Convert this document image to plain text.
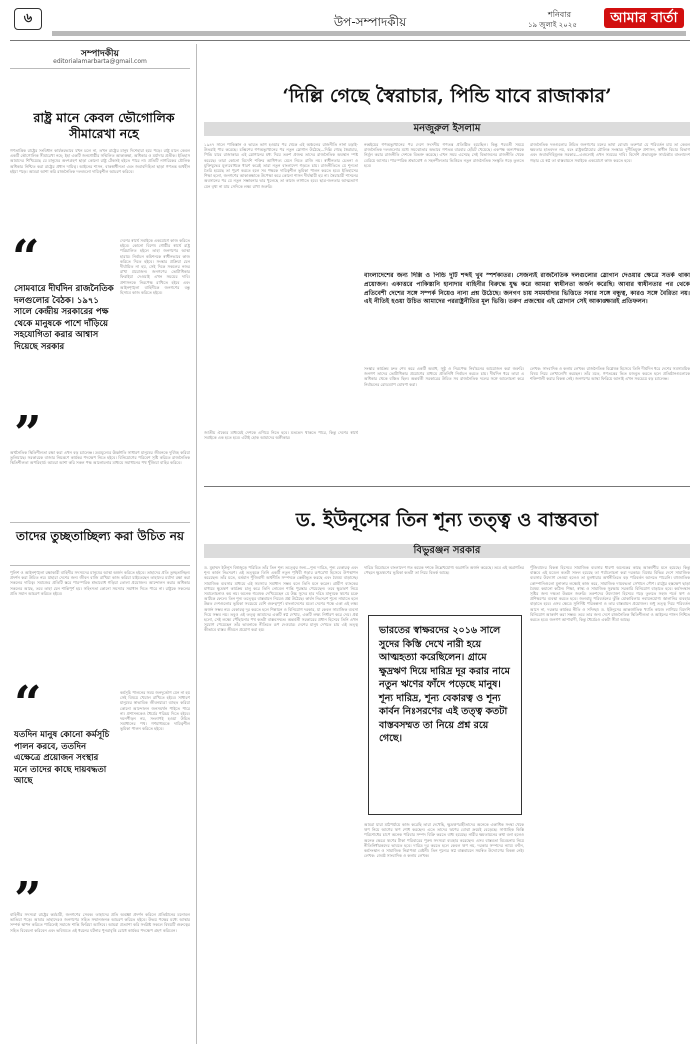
৬	উপ-সম্পাদকীয়
শনিবার
১৯ জুলাই ২০২৫	আমার বার্তা
সম্পাদকীয়
editorialamarbarta@gmail.com
রাষ্ট্র মানে কেবল ভৌগোলিক সীমারেখা নহে
গণতান্ত্রিক রাষ্ট্রের সংবিধান কার্যকরভাবে যখন চলে না, তখন রাষ্ট্রের মানুষ দিশেহারা হয়ে পড়ে। রাষ্ট্র মানে কেবল একটি ভৌগোলিক সীমারেখা নহে; ইহা একটি জনগোষ্ঠীর সম্মিলিত আকাঙ্ক্ষা, অধিকার ও মর্যাদার প্রতীক। ইতিহাস আমাদের শিখিয়েছে যে মানুষের অংশগ্রহণ ছাড়া কোনো রাষ্ট্র টেকসই হইতে পারে না। প্রতিটি নাগরিকের মৌলিক অধিকার নিশ্চিত করা রাষ্ট্রের প্রধান দায়িত্ব। আইনের শাসন, বাকস্বাধীনতা এবং জবাবদিহিতা ছাড়া গণতন্ত্র অর্থহীন হইয়া পড়ে। আমরা আশা করি রাজনৈতিক দলগুলো দায়িত্বশীল আচরণ করিবে।
“
সোমবারে দীর্ঘদিন রাজনৈতিক দলগুলোর বৈঠক। ১৯৭১ সালে কেন্দ্রীয় সরকারের পক্ষ থেকে মানুষকে পাশে দাঁড়িয়ে সহযোগিতা করার আশ্বাস দিয়েছে সরকার
”
দেশের স্বার্থে সবাইকে একযোগে কাজ করিতে হইবে। কোনো বিশেষ গোষ্ঠীর স্বার্থে রাষ্ট্র পরিচালিত হইলে তাহা জনগণের আস্থা হারায়। নির্বাচন কমিশনকে স্বাধীনভাবে কাজ করিতে দিতে হইবে। সংস্কার প্রক্রিয়া যেন দীর্ঘায়িত না হয়, সেই দিকে সকলের নজর রাখা প্রয়োজন। জনগণের ভোটাধিকার ফিরাইয়া দেওয়াই এখন সময়ের দাবি। প্রশাসনকে নিরপেক্ষ রাখিতে হইবে এবং আইনশৃঙ্খলা বাহিনীকে জনগণের বন্ধু হিসাবে কাজ করিতে হইবে।
অর্থনৈতিক স্থিতিশীলতা রক্ষা করা এখন বড় চ্যালেঞ্জ। দ্রব্যমূল্যের ঊর্ধ্বগতি সাধারণ মানুষের জীবনকে দুর্বিষহ করিয়া তুলিয়াছে। সরকারকে বাজার নিয়ন্ত্রণে কার্যকর পদক্ষেপ নিতে হইবে। বিনিয়োগের পরিবেশ সৃষ্টি করিতে রাজনৈতিক স্থিতিশীলতা অপরিহার্য। আমরা আশা করি সকল পক্ষ আলোচনার মাধ্যমে সমাধানের পথ খুঁজিয়া বাহির করিবে।
তাদের তুচ্ছতাচ্ছিল্য করা উচিত নয়
পুলিশ ও আইনশৃঙ্খলা রক্ষাকারী বাহিনীর সদস্যদের মানুষের আস্থা অর্জন করিতে হইবে। তাহাদের প্রতি তুচ্ছতাচ্ছিল্য প্রদর্শন করা উচিত নয়। যাহারা দেশের জন্য জীবন বাজি রাখিয়া কাজ করিয়া যাইতেছেন তাহাদের মর্যাদা রক্ষা করা সকলের দায়িত্ব। সমাজের প্রতিটি স্তরে পারস্পরিক শ্রদ্ধাবোধ গড়িয়া তোলা প্রয়োজন। আন্দোলন করার অধিকার সকলের আছে, তবে তাহা যেন শান্তিপূর্ণ হয়। সহিংসতা কোনো সমস্যার সমাধান দিতে পারে না। রাষ্ট্রকে সকলের প্রতি সমান আচরণ করিতে হইবে।
“
যতদিন মানুষ কোনো কর্মসূচি পালন করবে, ততদিন এক্ষেত্রে প্রয়োজন সংস্থার মনে তাদের কাছে দায়বদ্ধতা আছে
”
কর্মসূচি পালনের সময় জনদুর্ভোগ যেন না হয় সেই বিষয়ে খেয়াল রাখিতে হইবে। সাধারণ মানুষের স্বাভাবিক জীবনযাত্রা ব্যাহত করিয়া কোনো আন্দোলন জনসমর্থন পাইতে পারে না। প্রশাসনকেও ধৈর্যের পরিচয় দিতে হইবে। দমনপীড়ন নয়, সংলাপই হওয়া উচিত সমাধানের পথ। গণমাধ্যমকে দায়িত্বশীল ভূমিকা পালন করিতে হইবে।
বাহিনীর সদস্যরা রাষ্ট্রের কর্মচারী, জনগণের সেবক। তাহাদের প্রতি অবজ্ঞা প্রদর্শন করিলে প্রতিষ্ঠানের মনোবল ভাঙিয়া পড়ে। আবার তাহাদেরও জনগণের সহিত সম্মানজনক আচরণ করিতে হইবে। উভয় পক্ষের মধ্যে আস্থার সম্পর্ক স্থাপন করিতে পারিলেই সমাজে শান্তি ফিরিয়া আসিবে। আমরা প্রত্যাশা করি সংশ্লিষ্ট সকলে বিষয়টি গুরুত্বের সহিত বিবেচনা করিবেন এবং ভবিষ্যতে এই ধরনের ঘটনার পুনরাবৃত্তি রোধে কার্যকর পদক্ষেপ গ্রহণ করিবেন।
‘দিল্লি গেছে স্বৈরাচার, পিন্ডি যাবে রাজাকার’
মনজুরুল ইসলাম
১৯৪৭ সালে পাকিস্তান ও ভারত ভাগ হওয়ার পর থেকে এই অঞ্চলের রাজনীতি নানা চড়াই-উতরাই পার করেছে। চব্বিশের গণঅভ্যুত্থানের পর নতুন স্লোগান উঠেছে—দিল্লি গেছে স্বৈরাচার, পিন্ডি যাবে রাজাকার। এই স্লোগানের মধ্য দিয়ে তরুণ প্রজন্ম তাদের রাজনৈতিক অবস্থান স্পষ্ট করেছে। তারা কোনো বিদেশি শক্তির আধিপত্য মেনে নিতে রাজি নয়। স্বাধীনতার চেতনা ও মুক্তিযুদ্ধের মূল্যবোধকে ধারণ করেই তারা নতুন বাংলাদেশ গড়তে চায়। রাজনীতিতে যে শূন্যতা তৈরি হয়েছে তা পূরণ করতে হলে সব পক্ষকে দায়িত্বশীল ভূমিকা পালন করতে হবে। ইতিহাসের শিক্ষা হলো, জনগণের আকাঙ্ক্ষাকে উপেক্ষা করে কোনো শাসন দীর্ঘস্থায়ী হয় না। স্বৈরাচারী শাসনের অবসানের পর যে নতুন সম্ভাবনার দ্বার খুলেছে তা কাজে লাগাতে হবে। ছাত্র-জনতার আত্মত্যাগ যেন বৃথা না যায় সেদিকে লক্ষ্য রাখা জরুরি।
নব্বইয়ের গণঅভ্যুত্থানের পর দেশে সংসদীয় গণতন্ত্র প্রতিষ্ঠিত হয়েছিল। কিন্তু পরবর্তী সময়ে রাজনৈতিক দলগুলোর মধ্যে সমঝোতার অভাবে গণতন্ত্র বারবার হোঁচট খেয়েছে। একপক্ষ অন্যপক্ষকে নির্মূল করার রাজনীতি দেশকে বিভক্ত করেছে। এখন সময় এসেছে সেই বিভাজনের রাজনীতি থেকে বেরিয়ে আসার। পারস্পরিক শ্রদ্ধাবোধ ও সহনশীলতার ভিত্তিতে নতুন রাজনৈতিক সংস্কৃতি গড়ে তুলতে হবে।
রাজনৈতিক দলগুলোর উচিত জনগণের মনের ভাষা বোঝা। তরুণরা যে পরিবর্তন চায় তা কেবল ক্ষমতার হাতবদল নয়, বরং রাষ্ট্রকাঠামোর মৌলিক সংস্কার। দুর্নীতিমুক্ত প্রশাসন, স্বাধীন বিচার বিভাগ এবং জবাবদিহিমূলক সরকার—এগুলোই এখন সময়ের দাবি। বিদেশি প্রভাবমুক্ত সার্বভৌম বাংলাদেশ গড়ার যে স্বপ্ন তা বাস্তবায়নে সবাইকে একযোগে কাজ করতে হবে।
বাংলাদেশের জন্য দিল্লি ও পিন্ডি দুটি শব্দই খুব স্পর্শকাতর। সেজন্যই রাজনৈতিক দলগুলোর স্লোগান দেওয়ার ক্ষেত্রে সতর্ক থাকা প্রয়োজন। একাত্তরে পাকিস্তানি হানাদার বাহিনীর বিরুদ্ধে যুদ্ধ করে আমরা স্বাধীনতা অর্জন করেছি। আবার স্বাধীনতার পর থেকে প্রতিবেশী দেশের সঙ্গে সম্পর্ক নিয়েও নানা প্রশ্ন উঠেছে। জনগণ চায় সমমর্যাদার ভিত্তিতে সবার সঙ্গে বন্ধুত্ব, কারও সঙ্গে বৈরিতা নয়। এই নীতিই হওয়া উচিত আমাদের পররাষ্ট্রনীতির মূল ভিত্তি। তরুণ প্রজন্মের এই স্লোগান সেই আকাঙ্ক্ষারই প্রতিফলন।
জাতীয় ঐক্যের মাধ্যমেই দেশকে এগিয়ে নিতে হবে। মতভেদ থাকতে পারে, কিন্তু দেশের স্বার্থে সবাইকে এক হতে হবে। এটাই হোক আমাদের অঙ্গীকার।
সংস্কার কার্যক্রম দ্রুত শেষ করে একটি অবাধ, সুষ্ঠু ও নিরপেক্ষ নির্বাচনের আয়োজন করা জরুরি। জনগণ তাদের ভোটাধিকার প্রয়োগের মাধ্যমে প্রতিনিধি নির্বাচন করতে চায়। দীর্ঘদিন ধরে তারা এ অধিকার থেকে বঞ্চিত ছিল। অন্তর্বর্তী সরকারের উচিত সব রাজনৈতিক দলের সঙ্গে আলোচনা করে নির্বাচনের রোডম্যাপ ঘোষণা করা।
লেখক: সাংবাদিক ও কলাম লেখক। রাজনৈতিক বিশ্লেষক হিসেবে তিনি দীর্ঘদিন ধরে দেশের সমসাময়িক বিষয় নিয়ে লেখালেখি করছেন। তাঁর মতে, গণতন্ত্রের ভিত মজবুত করতে হলে প্রতিষ্ঠানগুলোকে শক্তিশালী করার বিকল্প নেই। জনগণের আস্থা ফিরিয়ে আনাই এখন সবচেয়ে বড় চ্যালেঞ্জ।
ড. ইউনূসের তিন শূন্য তত্ত্ব ও বাস্তবতা
বিভুরঞ্জন সরকার
ড. মুহাম্মদ ইউনূস বিশ্বজুড়ে পরিচিত তাঁর তিন শূন্য তত্ত্বের জন্য—শূন্য দারিদ্র, শূন্য বেকারত্ব এবং শূন্য কার্বন নিঃসরণ। এই তত্ত্বকে তিনি একটি নতুন পৃথিবী গড়ার রূপরেখা হিসেবে উপস্থাপন করেছেন। তাঁর মতে, বর্তমান পুঁজিবাদী অর্থনীতি সম্পদকে কেন্দ্রীভূত করছে এবং বৈষম্য বাড়াচ্ছে। সামাজিক ব্যবসার মাধ্যমে এই সমস্যার সমাধান সম্ভব বলে তিনি মনে করেন। গ্রামীণ ব্যাংকের মাধ্যমে ক্ষুদ্রঋণ কার্যক্রম চালু করে তিনি নোবেল শান্তি পুরস্কার পেয়েছেন। তবে ক্ষুদ্রঋণ নিয়ে সমালোচনাও কম নয়। অনেক গবেষক দেখিয়েছেন যে উচ্চ সুদের হার দরিদ্র মানুষকে ঋণের চক্রে আটকে ফেলে। তিন শূন্য তত্ত্বের বাস্তবায়ন নিয়েও প্রশ্ন উঠেছে। কার্বন নিঃসরণ শূন্যে নামাতে হলে উন্নত দেশগুলোর ভূমিকা সবচেয়ে বেশি গুরুত্বপূর্ণ। বাংলাদেশের মতো দেশের পক্ষে একা এই লক্ষ্য অর্জন সম্ভব নয়। বেকারত্ব দূর করতে হলে শিল্পায়ন ও বিনিয়োগ দরকার, যা কেবল সামাজিক ব্যবসা দিয়ে সম্ভব নয়। তবুও এই তত্ত্ব আমাদের একটি স্বপ্ন দেখায়, একটি লক্ষ্য নির্ধারণ করে দেয়। প্রশ্ন হলো, সেই লক্ষ্যে পৌঁছানোর পথ কতটা বাস্তবসম্মত। অন্তর্বর্তী সরকারের প্রধান হিসেবে তিনি এখন সুযোগ পেয়েছেন তাঁর ভাবনাকে নীতিতে রূপ দেওয়ার। দেশের মানুষ দেখতে চায় এই তত্ত্ব কীভাবে বাস্তব জীবনে প্রয়োগ করা হয়।
দারিদ্র বিমোচনে বাংলাদেশ গত কয়েক দশকে উল্লেখযোগ্য অগ্রগতি অর্জন করেছে। তবে এই অগ্রগতির পেছনে ক্ষুদ্রঋণের ভূমিকা কতটা তা নিয়ে বিতর্ক আছে।
পুঁজিবাদের বিকল্প হিসেবে সামাজিক ব্যবসার ধারণা অনেকের কাছে আকর্ষণীয় মনে হয়েছে। কিন্তু বাস্তবে এই মডেল কতটা সফল হয়েছে তা পর্যালোচনা করা দরকার। বিশ্বের বিভিন্ন দেশে সামাজিক ব্যবসার উদ্যোগ নেওয়া হলেও তা মূলধারার অর্থনীতিতে বড় পরিবর্তন আনতে পারেনি। বহুজাতিক কোম্পানিগুলো মুনাফার লক্ষ্যেই কাজ করে, সামাজিক দায়বদ্ধতা সেখানে গৌণ। রাষ্ট্রের হস্তক্ষেপ ছাড়া বৈষম্য কমানো কঠিন। শিক্ষা, স্বাস্থ্য ও সামাজিক সুরক্ষায় সরকারি বিনিয়োগ বাড়াতে হবে। কর্মসংস্থান সৃষ্টির জন্য দক্ষতা উন্নয়ন জরুরি। তরুণদের উদ্যোক্তা হিসেবে গড়ে তুলতে সহজ শর্তে ঋণ ও প্রশিক্ষণের ব্যবস্থা করতে হবে। জলবায়ু পরিবর্তনের ঝুঁকি মোকাবিলায় নবায়নযোগ্য জ্বালানির ব্যবহার বাড়াতে হবে। এসব ক্ষেত্রে সুনির্দিষ্ট পরিকল্পনা ও তার বাস্তবায়ন প্রয়োজন। শুধু তত্ত্ব দিয়ে পরিবর্তন আসে না, দরকার কার্যকর নীতি ও সদিচ্ছা। ড. ইউনূসের আন্তর্জাতিক খ্যাতি কাজে লাগিয়ে বিদেশি বিনিয়োগ আকর্ষণ করা সম্ভব। তবে তার জন্য দেশে রাজনৈতিক স্থিতিশীলতা ও আইনের শাসন নিশ্চিত করতে হবে। জনগণ আশাবাদী, কিন্তু ধৈর্যেরও একটা সীমা আছে।
ভারতের স্বাক্ষরদের ২০১৬ সালে সুদের কিস্তি দেখে নারী হয়ে আত্মহত্যা করেছিলেন। গ্রামে ক্ষুদ্রঋণ দিয়ে দারিদ্র দূর করার নামে নতুন ঋণের ফাঁদে পড়েছে মানুষ। শূন্য দারিদ্র, শূন্য বেকারত্ব ও শূন্য কার্বন নিঃসরণের এই তত্ত্ব কতটা বাস্তবসম্মত তা নিয়ে প্রশ্ন রয়ে গেছে।
আমরা যারা মাঠপর্যায়ে কাজ করেছি তারা দেখেছি, ক্ষুদ্রঋণগ্রহীতাদের অনেকে একাধিক সংস্থা থেকে ঋণ নিয়ে আগের ঋণ শোধ করছেন। এতে তাদের ঋণের বোঝা ক্রমেই বেড়েছে। সাপ্তাহিক কিস্তি পরিশোধের চাপে অনেক পরিবার সম্পদ বিক্রি করতে বাধ্য হয়েছে। নারীর ক্ষমতায়নের কথা বলা হলেও অনেক ক্ষেত্রে ঋণের টাকা পরিবারের পুরুষ সদস্যরা ব্যবহার করেছেন। এসব বাস্তবতা বিবেচনায় নিয়ে নীতিনির্ধারকদের ভাবতে হবে। দারিদ্র দূর করতে হলে কেবল ঋণ নয়, দরকার সম্পদের ন্যায্য বণ্টন, কর্মসংস্থান ও সামাজিক নিরাপত্তা বেষ্টনী। তিন শূন্যের স্বপ্ন বাস্তবায়নে সমন্বিত উদ্যোগের বিকল্প নেই। লেখক: জ্যেষ্ঠ সাংবাদিক ও কলাম লেখক।
